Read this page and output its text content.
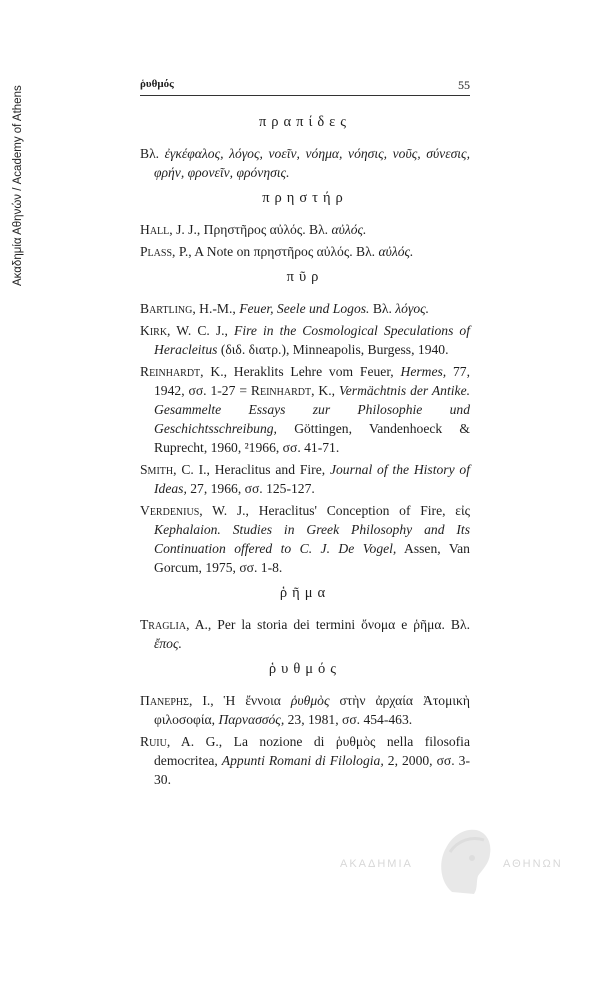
Ακαδημία Αθηνών / Academy of Athens
ῥυθμός	55
πραπίδες
Βλ. ἐγκέφαλος, λόγος, νοεῖν, νόημα, νόησις, νοῦς, σύνεσις, φρήν, φρονεῖν, φρόνησις.
πρηστήρ
Hall, J. J., Πρηστῆρος αὐλός. Βλ. αὐλός.
Plass, P., A Note on πρηστῆρος αὐλός. Βλ. αὐλός.
πῦρ
Bartling, H.-M., Feuer, Seele und Logos. Βλ. λόγος.
Kirk, W. C. J., Fire in the Cosmological Speculations of Heracleitus (διδ. διατρ.), Minneapolis, Burgess, 1940.
Reinhardt, K., Heraklits Lehre vom Feuer, Hermes, 77, 1942, σσ. 1-27 = Reinhardt, K., Vermächtnis der Antike. Gesammelte Essays zur Philosophie und Geschichtsschreibung, Göttingen, Vandenhoeck & Ruprecht, 1960, ²1966, σσ. 41-71.
Smith, C. I., Heraclitus and Fire, Journal of the History of Ideas, 27, 1966, σσ. 125-127.
Verdenius, W. J., Heraclitus' Conception of Fire, εἰς Kephalaion. Studies in Greek Philosophy and Its Continuation offered to C. J. De Vogel, Assen, Van Gorcum, 1975, σσ. 1-8.
ῥῆμα
Traglia, A., Per la storia dei termini ὄνομα e ῥῆμα. Βλ. ἔπος.
ῥυθμός
Πανερης, Ι., Ἡ ἔννοια ῥυθμὸς στὴν ἀρχαία Ἀτομικὴ φιλοσοφία, Παρνασσός, 23, 1981, σσ. 454-463.
Ruiu, A. G., La nozione di ῥυθμὸς nella filosofia democritea, Appunti Romani di Filologia, 2, 2000, σσ. 3-30.
ΑΚΑΔΗΜΙΑ	ΑΘΗΝΩΝ
